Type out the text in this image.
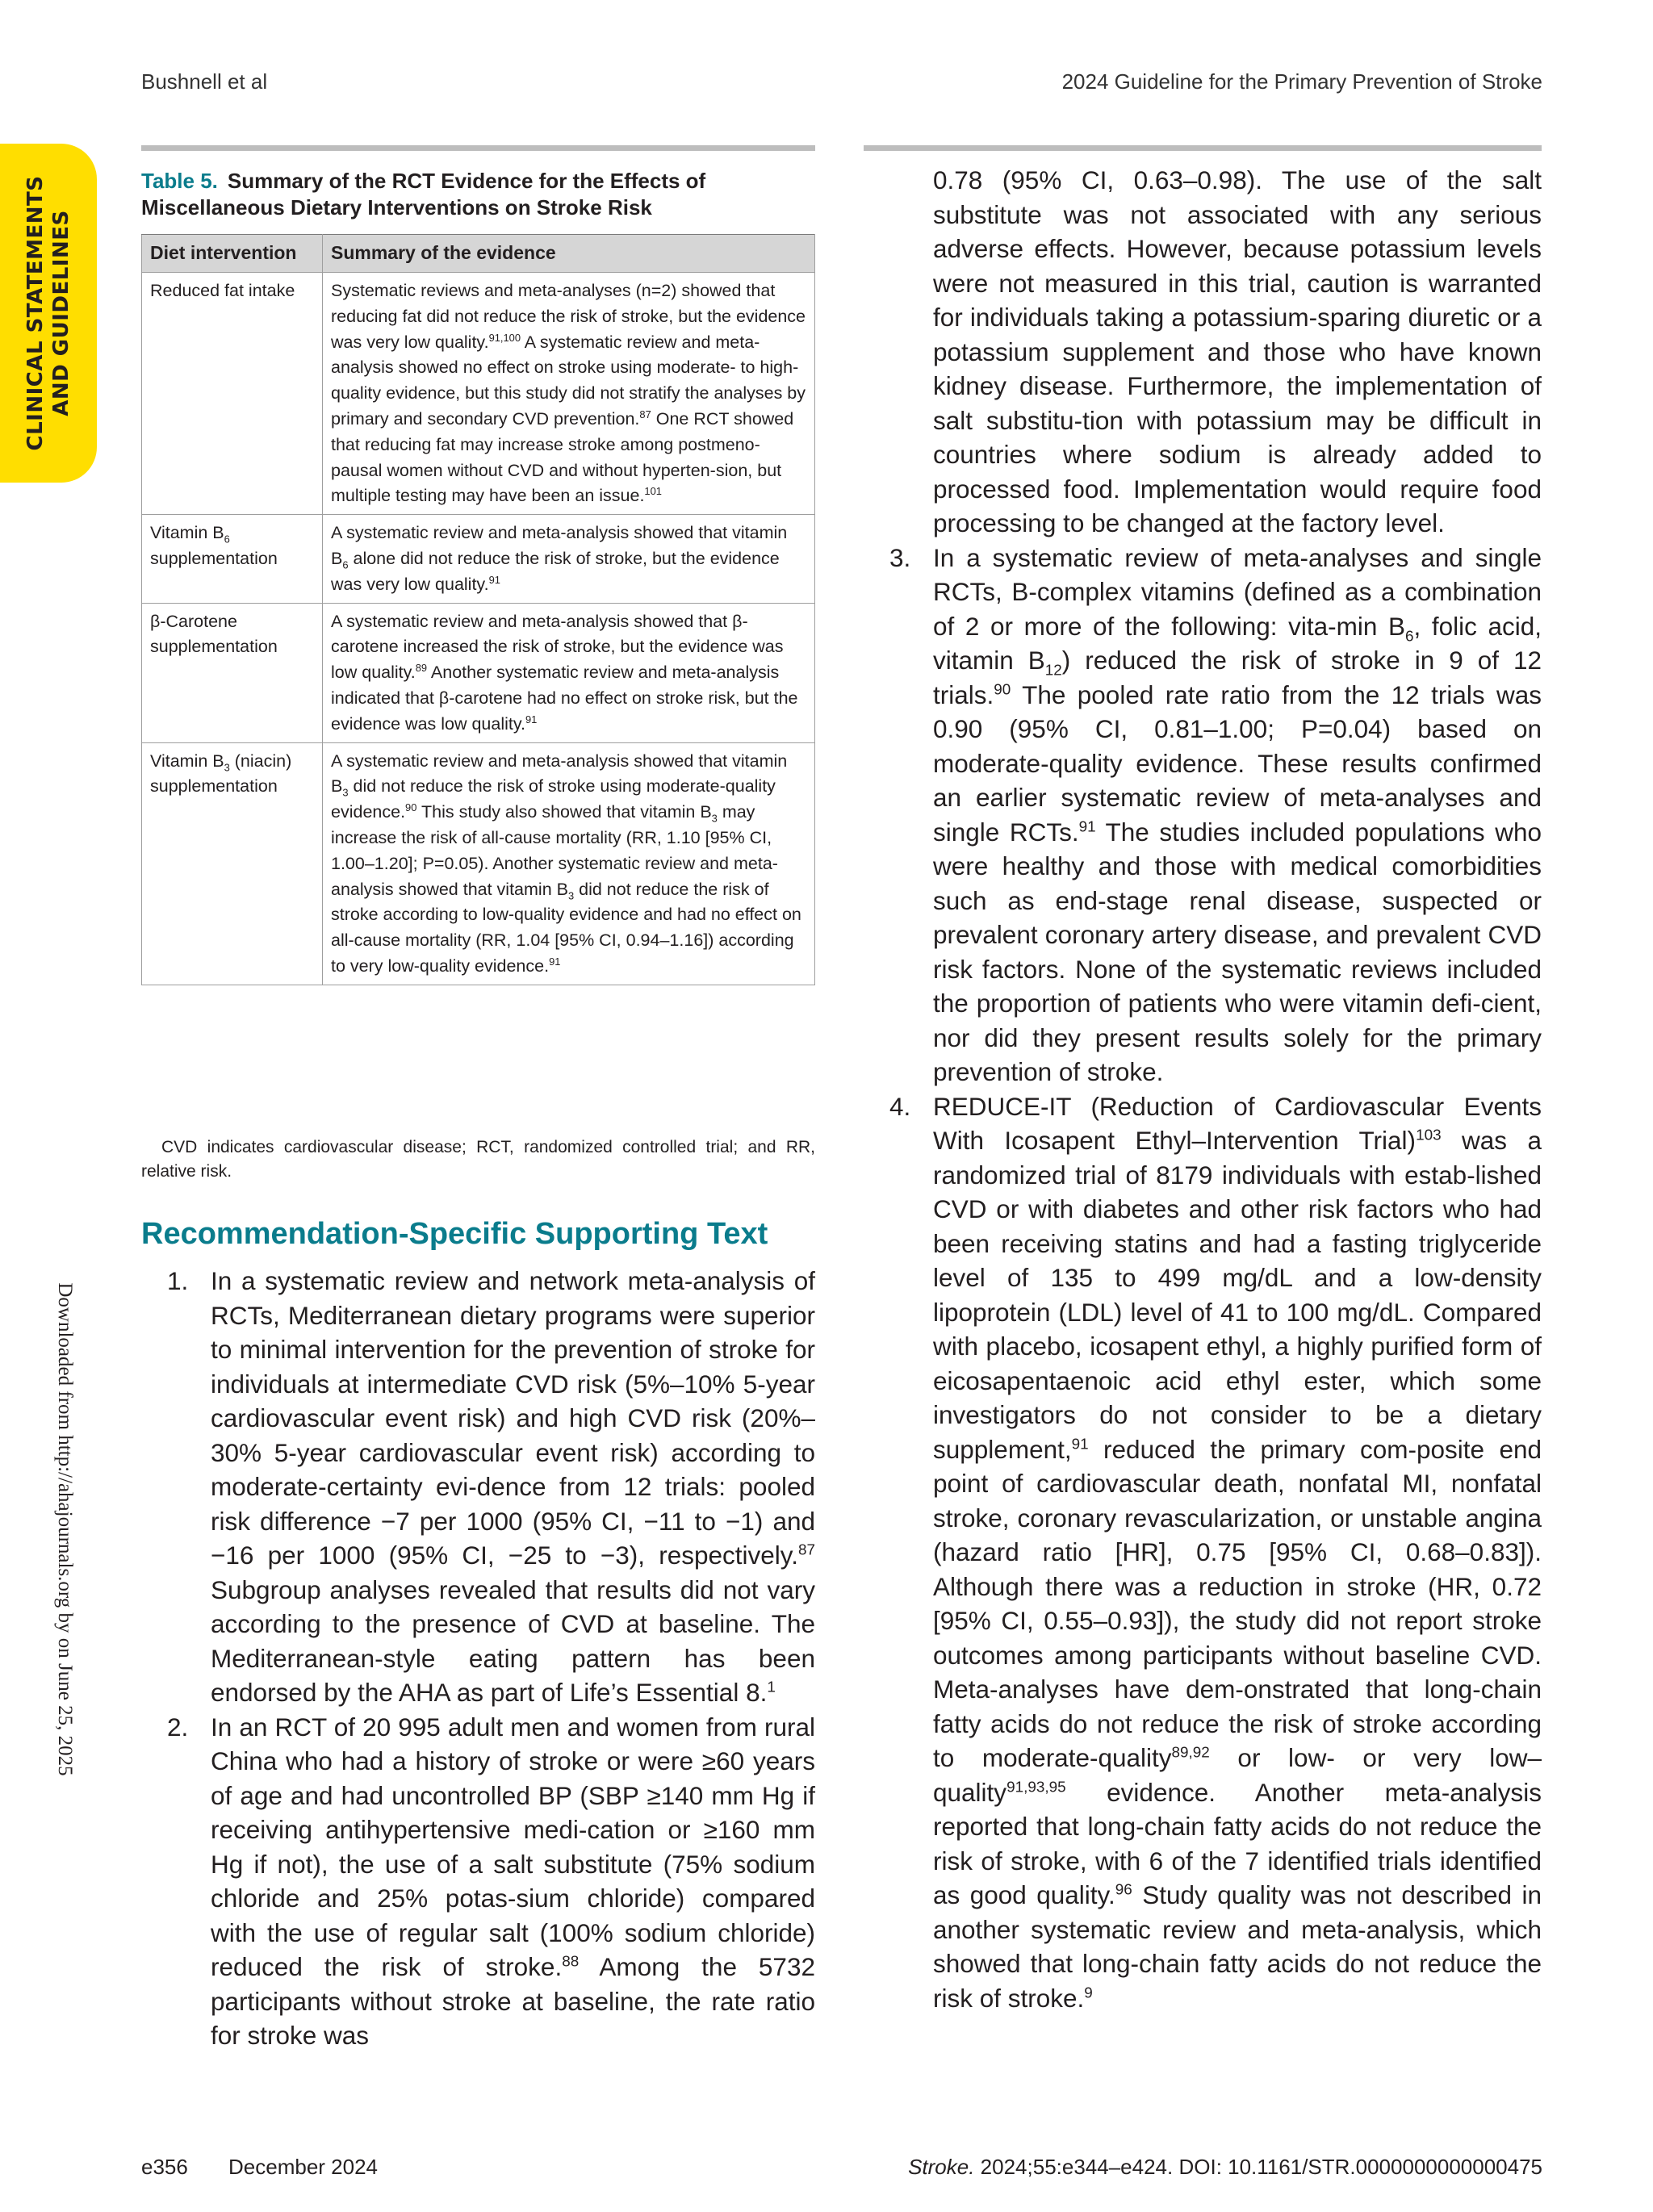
Bushnell et al	2024 Guideline for the Primary Prevention of Stroke
CLINICAL STATEMENTS AND GUIDELINES
Downloaded from http://ahajournals.org by on June 25, 2025
Table 5. Summary of the RCT Evidence for the Effects of Miscellaneous Dietary Interventions on Stroke Risk
Diet intervention	Summary of the evidence
Reduced fat intake	Systematic reviews and meta-analyses (n=2) showed that reducing fat did not reduce the risk of stroke, but the evidence was very low quality.$^{91,100}$ A systematic review and meta-analysis showed no effect on stroke using moderate- to high-quality evidence, but this study did not stratify the analyses by primary and secondary CVD prevention.$^{87}$ One RCT showed that reducing fat may increase stroke among postmeno-pausal women without CVD and without hyperten-sion, but multiple testing may have been an issue.$^{101}$
Vitamin $B_6$ supplementation	A systematic review and meta-analysis showed that vitamin $B_6$ alone did not reduce the risk of stroke, but the evidence was very low quality.$^{91}$
β-Carotene supplementation	A systematic review and meta-analysis showed that β-carotene increased the risk of stroke, but the evidence was low quality.$^{89}$ Another systematic review and meta-analysis indicated that β-carotene had no effect on stroke risk, but the evidence was low quality.$^{91}$
Vitamin $B_3$ (niacin) supplementation	A systematic review and meta-analysis showed that vitamin $B_3$ did not reduce the risk of stroke using moderate-quality evidence.$^{90}$ This study also showed that vitamin $B_3$ may increase the risk of all-cause mortality (RR, 1.10 [95% CI, 1.00–1.20]; P=0.05). Another systematic review and meta-analysis showed that vitamin $B_3$ did not reduce the risk of stroke according to low-quality evidence and had no effect on all-cause mortality (RR, 1.04 [95% CI, 0.94–1.16]) according to very low-quality evidence.$^{91}$
CVD indicates cardiovascular disease; RCT, randomized controlled trial; and RR, relative risk.
Recommendation-Specific Supporting Text
1. In a systematic review and network meta-analysis of RCTs, Mediterranean dietary programs were superior to minimal intervention for the prevention of stroke for individuals at intermediate CVD risk (5%–10% 5-year cardiovascular event risk) and high CVD risk (20%–30% 5-year cardiovascular event risk) according to moderate-certainty evi-dence from 12 trials: pooled risk difference −7 per 1000 (95% CI, −11 to −1) and −16 per 1000 (95% CI, −25 to −3), respectively.$^{87}$ Subgroup analyses revealed that results did not vary according to the presence of CVD at baseline. The Mediterranean-style eating pattern has been endorsed by the AHA as part of Life’s Essential 8.$^1$
2. In an RCT of 20 995 adult men and women from rural China who had a history of stroke or were ≥60 years of age and had uncontrolled BP (SBP ≥140 mm Hg if receiving antihypertensive medi-cation or ≥160 mm Hg if not), the use of a salt substitute (75% sodium chloride and 25% potas-sium chloride) compared with the use of regular salt (100% sodium chloride) reduced the risk of stroke.$^{88}$ Among the 5732 participants without stroke at baseline, the rate ratio for stroke was
0.78 (95% CI, 0.63–0.98). The use of the salt substitute was not associated with any serious adverse effects. However, because potassium levels were not measured in this trial, caution is warranted for individuals taking a potassium-sparing diuretic or a potassium supplement and those who have known kidney disease. Furthermore, the implementation of salt substitu-tion with potassium may be difficult in countries where sodium is already added to processed food. Implementation would require food processing to be changed at the factory level.
3. In a systematic review of meta-analyses and single RCTs, B-complex vitamins (defined as a combination of 2 or more of the following: vita-min $B_6$, folic acid, vitamin $B_{12}$) reduced the risk of stroke in 9 of 12 trials.$^{90}$ The pooled rate ratio from the 12 trials was 0.90 (95% CI, 0.81–1.00; P=0.04) based on moderate-quality evidence. These results confirmed an earlier systematic review of meta-analyses and single RCTs.$^{91}$ The studies included populations who were healthy and those with medical comorbidities such as end-stage renal disease, suspected or prevalent coronary artery disease, and prevalent CVD risk factors. None of the systematic reviews included the proportion of patients who were vitamin defi-cient, nor did they present results solely for the primary prevention of stroke.
4. REDUCE-IT (Reduction of Cardiovascular Events With Icosapent Ethyl–Intervention Trial)$^{103}$ was a randomized trial of 8179 individuals with estab-lished CVD or with diabetes and other risk factors who had been receiving statins and had a fasting triglyceride level of 135 to 499 mg/dL and a low-density lipoprotein (LDL) level of 41 to 100 mg/dL. Compared with placebo, icosapent ethyl, a highly purified form of eicosapentaenoic acid ethyl ester, which some investigators do not consider to be a dietary supplement,$^{91}$ reduced the primary com-posite end point of cardiovascular death, nonfatal MI, nonfatal stroke, coronary revascularization, or unstable angina (hazard ratio [HR], 0.75 [95% CI, 0.68–0.83]). Although there was a reduction in stroke (HR, 0.72 [95% CI, 0.55–0.93]), the study did not report stroke outcomes among participants without baseline CVD. Meta-analyses have dem-onstrated that long-chain fatty acids do not reduce the risk of stroke according to moderate-quality$^{89,92}$ or low- or very low–quality$^{91,93,95}$ evidence. Another meta-analysis reported that long-chain fatty acids do not reduce the risk of stroke, with 6 of the 7 identified trials identified as good quality.$^{96}$ Study quality was not described in another systematic review and meta-analysis, which showed that long-chain fatty acids do not reduce the risk of stroke.$^9$
e356 December 2024	Stroke. 2024;55:e344–e424. DOI: 10.1161/STR.0000000000000475
